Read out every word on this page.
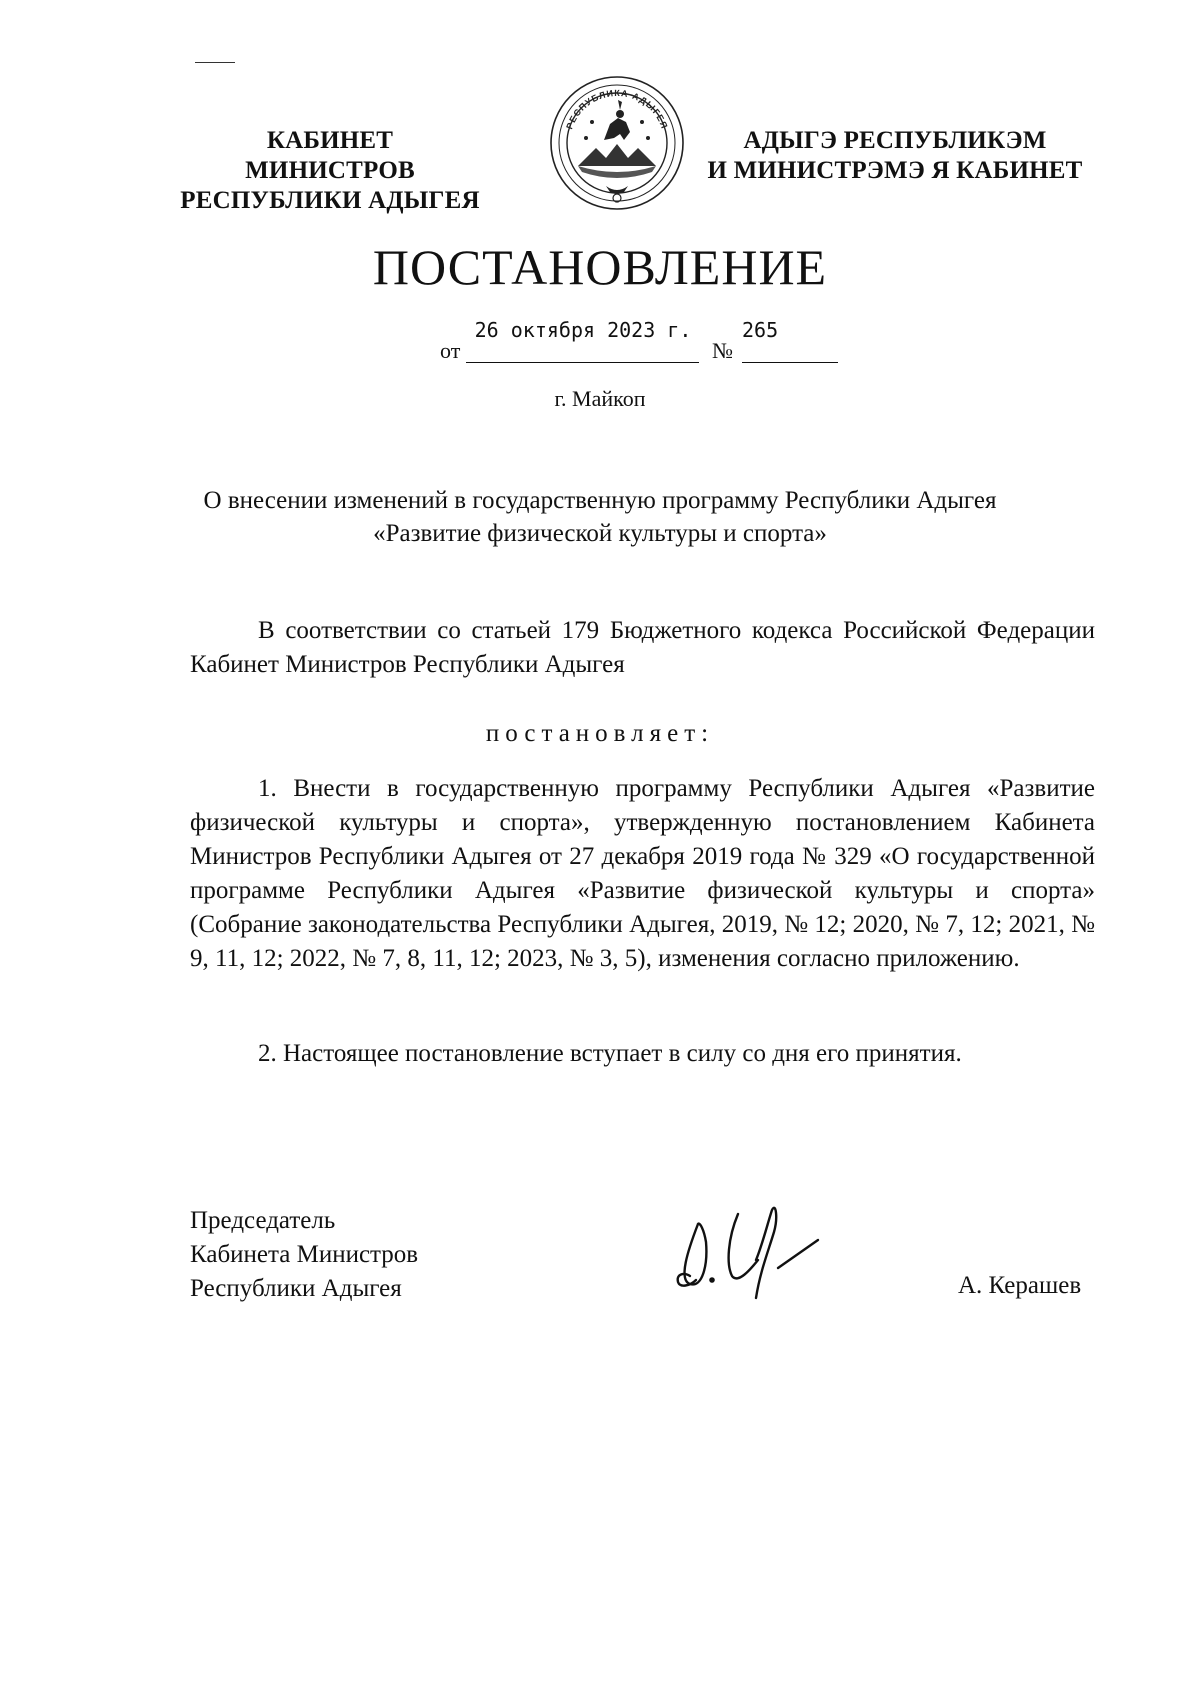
КАБИНЕТ МИНИСТРОВ
РЕСПУБЛИКИ АДЫГЕЯ
РЕСПУБЛИКА АДЫГЕЯ
АДЫГЭ РЕСПУБЛИКЭМ
И МИНИСТРЭМЭ Я КАБИНЕТ
ПОСТАНОВЛЕНИЕ
от
26 октября 2023 г.
№
265
г. Майкоп
О внесении изменений в государственную программу Республики Адыгея
«Развитие физической культуры и спорта»
В соответствии со статьей 179 Бюджетного кодекса Российской Федерации Кабинет Министров Республики Адыгея
постановляет:
1. Внести в государственную программу Республики Адыгея «Развитие физической культуры и спорта», утвержденную постановлением Кабинета Министров Республики Адыгея от 27 декабря 2019 года № 329 «О государственной программе Республики Адыгея «Развитие физической культуры и спорта» (Собрание законодательства Республики Адыгея, 2019, № 12; 2020, № 7, 12; 2021, № 9, 11, 12; 2022, № 7, 8, 11, 12; 2023, № 3, 5), изменения согласно приложению.
2. Настоящее постановление вступает в силу со дня его принятия.
Председатель
Кабинета Министров
Республики Адыгея	А. Керашев
